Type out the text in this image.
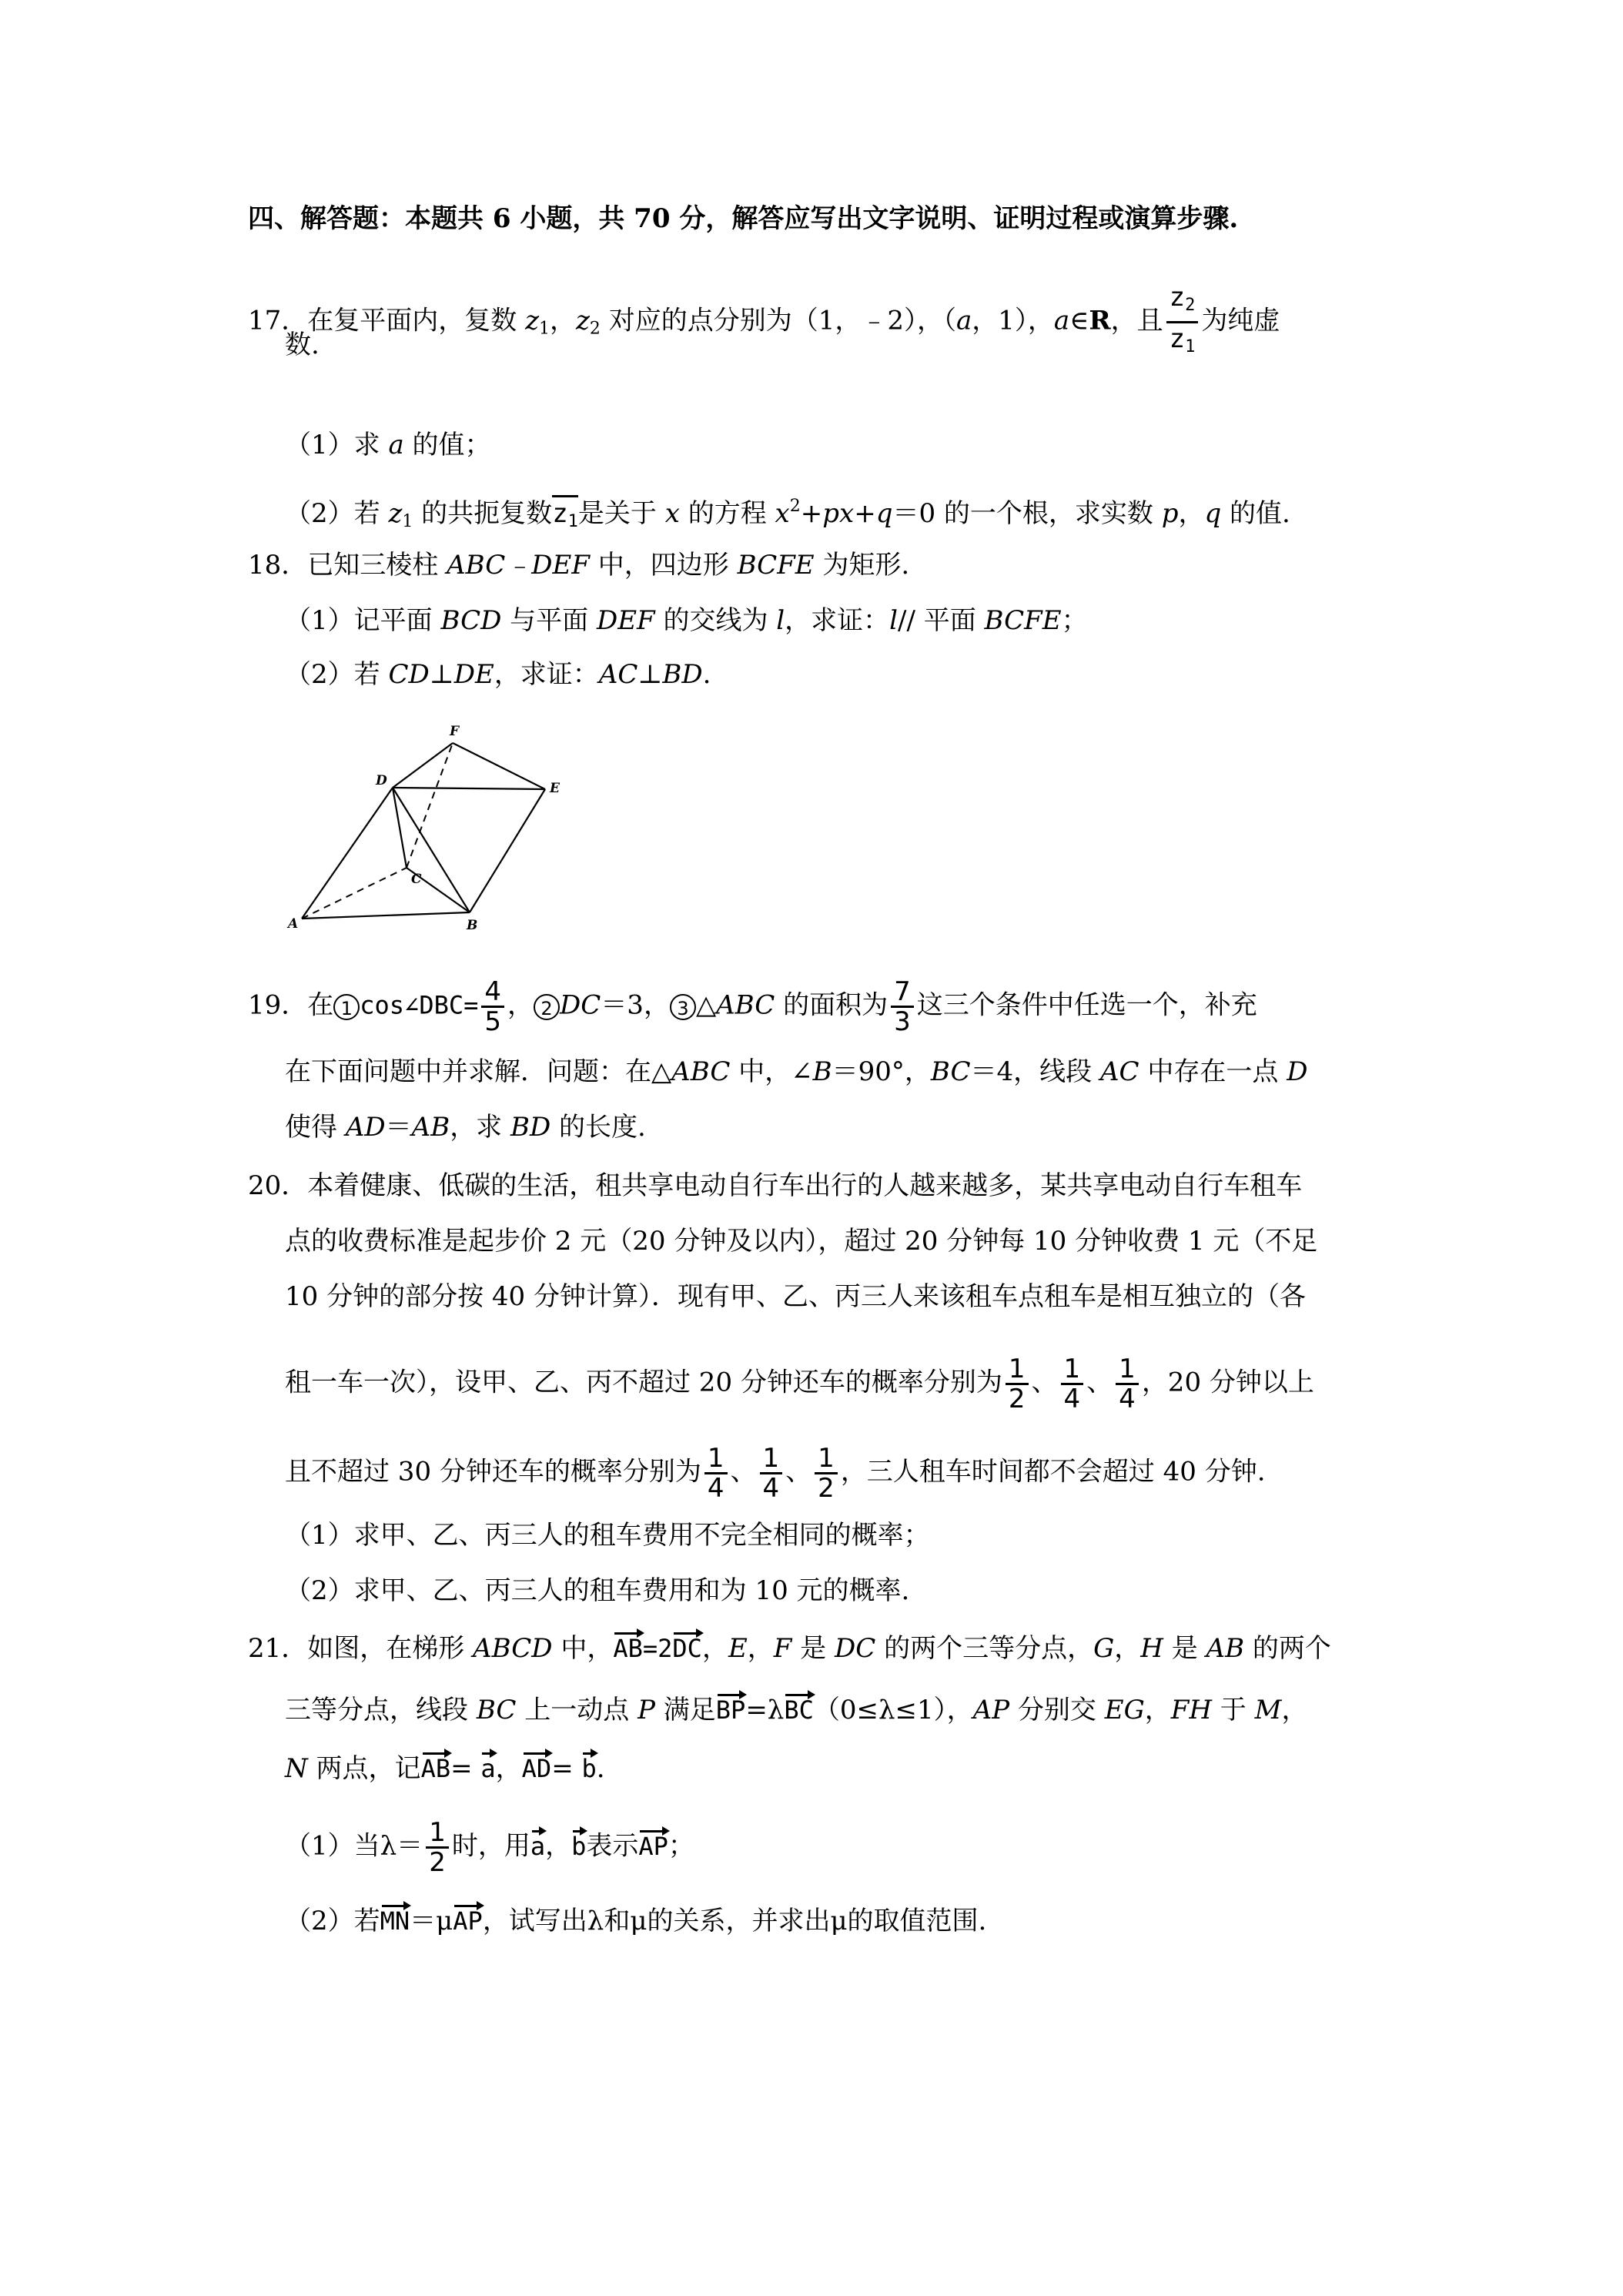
四、解答题：本题共 6 小题，共 70 分，解答应写出文字说明、证明过程或演算步骤.
17．在复平面内，复数 $z_1$，$z_2$ 对应的点分别为（1，﹣2），（a，1），a∈R，且 $\frac{z_2}{z_1}$ 为纯虚
数.
（1）求 a 的值；
（2）若 $z_1$ 的共扼复数$z_1$是关于 x 的方程 $x^2+px+q=0$ 的一个根，求实数 p，q 的值.
18．已知三棱柱 ABC﹣DEF 中，四边形 BCFE 为矩形.
（1）记平面 BCD 与平面 DEF 的交线为 l，求证：l// 平面 BCFE；
（2）若 CD⊥DE，求证：AC⊥BD.
A	B
C
D	E
F
19．在 1 cos∠DBC= $\frac{4}{5}$ ， 2 DC＝3， 3 △ABC 的面积为 $\frac{7}{3}$ 这三个条件中任选一个，补充
在下面问题中并求解．问题：在△ABC 中，∠B＝90°，BC＝4，线段 AC 中存在一点 D
使得 AD＝AB，求 BD 的长度.
20．本着健康、低碳的生活，租共享电动自行车出行的人越来越多，某共享电动自行车租车
点的收费标准是起步价 2 元（20 分钟及以内），超过 20 分钟每 10 分钟收费 1 元（不足
10 分钟的部分按 40 分钟计算）．现有甲、乙、丙三人来该租车点租车是相互独立的（各
租一车一次），设甲、乙、丙不超过 20 分钟还车的概率分别为 $\frac{1}{2}$ 、 $\frac{1}{4}$ 、 $\frac{1}{4}$ ，20 分钟以上
且不超过 30 分钟还车的概率分别为 $\frac{1}{4}$ 、 $\frac{1}{4}$ 、 $\frac{1}{2}$ ，三人租车时间都不会超过 40 分钟.
（1）求甲、乙、丙三人的租车费用不完全相同的概率；
（2）求甲、乙、丙三人的租车费用和为 10 元的概率.
21．如图，在梯形 ABCD 中，AB=2DC，E，F 是 DC 的两个三等分点，G，H 是 AB 的两个
三等分点，线段 BC 上一动点 P 满足BP=λBC（0≤λ≤1），AP 分别交 EG，FH 于 M，
N 两点，记AB= a，AD= b.
（1）当$\lambda= \frac{1}{2}$ 时，用a，b表示AP；
（2）若MN＝μAP，试写出λ和μ的关系，并求出μ的取值范围.
